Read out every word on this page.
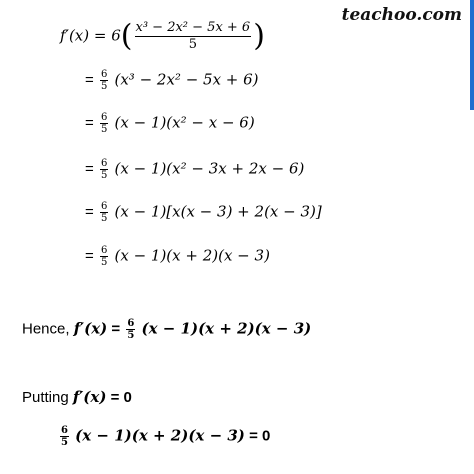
teachoo.com
$f'(x) = 6( \frac{\text{x³ − 2x² − 5x + 6}}{5}$ )
= $\frac{6}{5} (x^3 - 2x^2 - 5x + 6)$
= $\frac{6}{5} (x - 1)(x^2 - x - 6)$
= $\frac{6}{5} (x - 1)(x^2 - 3x + 2x - 6)$
= $\frac{6}{5} (x - 1)[x(x - 3) + 2(x - 3)]$
= $\frac{6}{5} (x - 1)(x + 2)(x - 3)$
Hence, $f'(x) = \frac{6}{5} (x - 1)(x + 2)(x - 3)$
Putting f′(x) = 0
$\frac{6}{5} (x - 1)(x + 2)(x - 3) = 0$
